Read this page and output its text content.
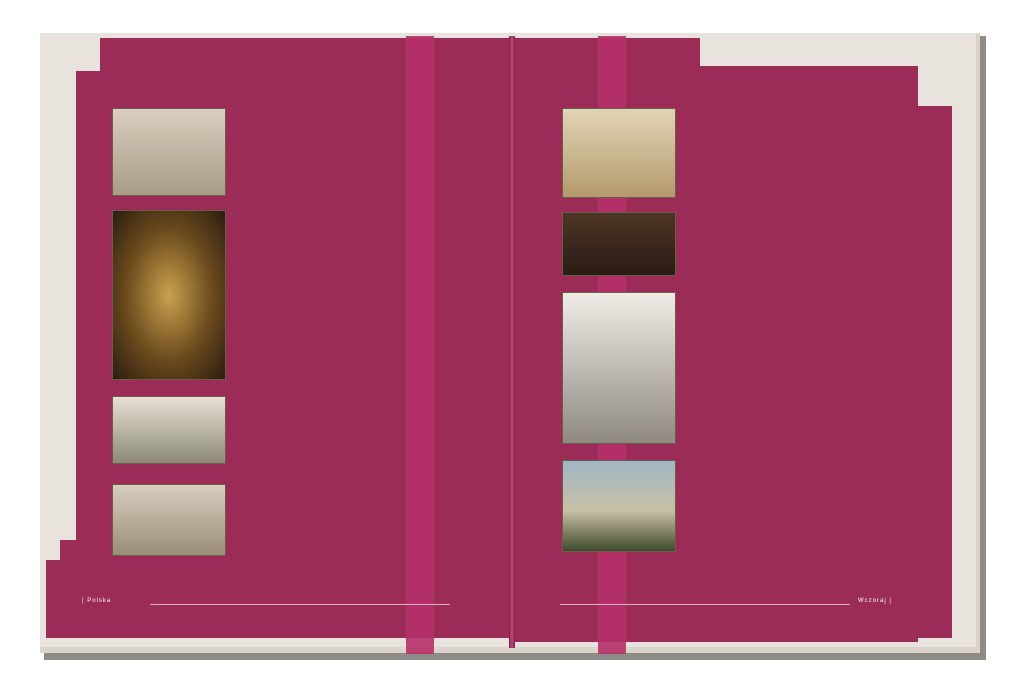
| Polska	Wczoraj |
